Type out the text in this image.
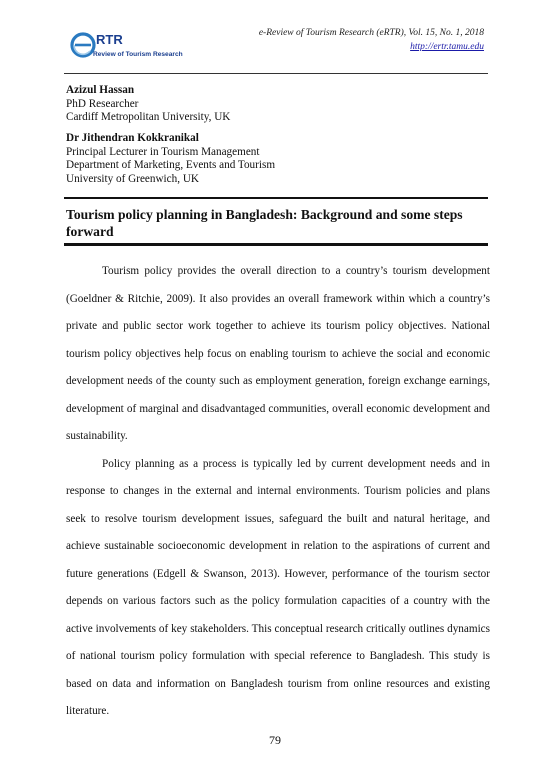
RTR
Review of Tourism Research
e-Review of Tourism Research (eRTR), Vol. 15, No. 1, 2018
http://ertr.tamu.edu
Azizul Hassan
PhD Researcher
Cardiff Metropolitan University, UK
Dr Jithendran Kokkranikal
Principal Lecturer in Tourism Management
Department of Marketing, Events and Tourism
University of Greenwich, UK
Tourism policy planning in Bangladesh: Background and some steps forward

Tourism policy provides the overall direction to a country’s tourism development (Goeldner & Ritchie, 2009). It also provides an overall framework within which a country’s private and public sector work together to achieve its tourism policy objectives. National tourism policy objectives help focus on enabling tourism to achieve the social and economic development needs of the county such as employment generation, foreign exchange earnings, development of marginal and disadvantaged communities, overall economic development and sustainability.

Policy planning as a process is typically led by current development needs and in response to changes in the external and internal environments. Tourism policies and plans seek to resolve tourism development issues, safeguard the built and natural heritage, and achieve sustainable socioeconomic development in relation to the aspirations of current and future generations (Edgell & Swanson, 2013). However, performance of the tourism sector depends on various factors such as the policy formulation capacities of a country with the active involvements of key stakeholders. This conceptual research critically outlines dynamics of national tourism policy formulation with special reference to Bangladesh. This study is based on data and information on Bangladesh tourism from online resources and existing literature.

79
